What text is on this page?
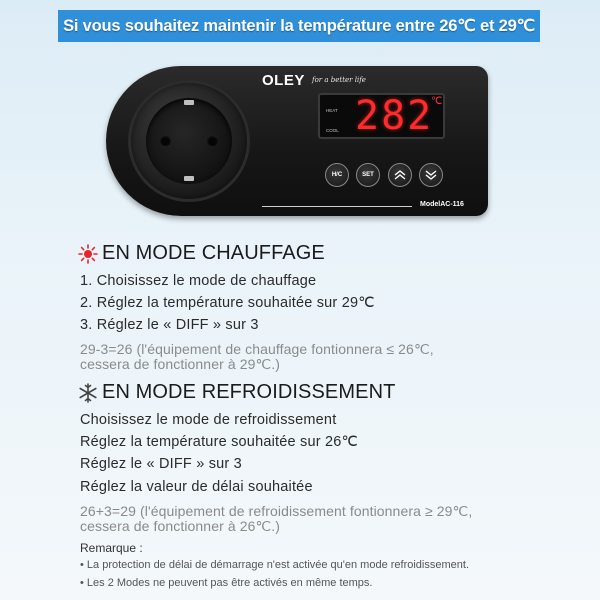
Si vous souhaitez maintenir la température entre 26℃ et 29℃
OLEY for a better life
HEAT
COOL 282
℃
H/C	SET
ModelAC-116
EN MODE CHAUFFAGE
1. Choisissez le mode de chauffage
2. Réglez la température souhaitée sur 29℃
3. Réglez le « DIFF » sur 3
29-3=26 (l'équipement de chauffage fontionnera ≤ 26℃,
cessera de fonctionner à 29℃.)
EN MODE REFROIDISSEMENT
Choisissez le mode de refroidissement
Réglez la température souhaitée sur 26℃
Réglez le « DIFF » sur 3
Réglez la valeur de délai souhaitée
26+3=29 (l'équipement de refroidissement fontionnera ≥ 29℃,
cessera de fonctionner à 26℃.)
Remarque :
• La protection de délai de démarrage n'est activée qu'en mode refroidissement.
• Les 2 Modes ne peuvent pas être activés en même temps.
